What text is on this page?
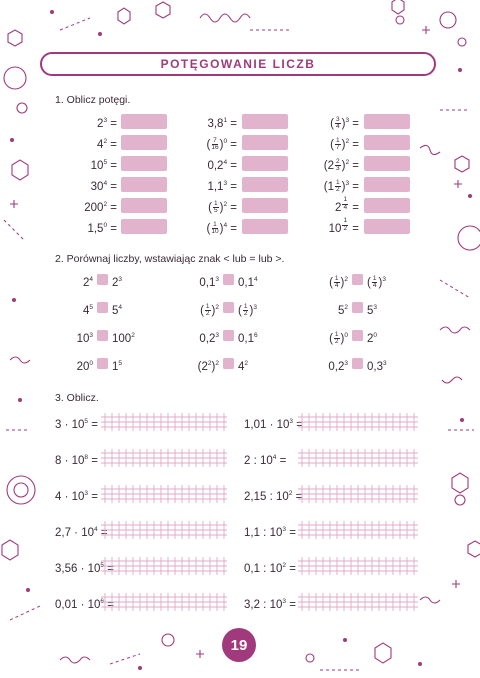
POTĘGOWANIE LICZB
1. Oblicz potęgi.
$2^3$ =
$4^2$ =
$10^5$ =
$30^4$ =
$200^2$ =
$1,5^0$ =
$3,8^1$ =
( $\frac{7}{16} )^0$ =
$0,2^4$ =
$1,1^3$ =
( $\frac{1}{5} )^2$ =
( $\frac{1}{10} )^4$ =
( $\frac{3}{4} )^3$ =
( $\frac{1}{7} )^2$ =
$(2 \frac{2}{3} )^2$ =
$(1 \frac{1}{2} )^3$ =
2 $^{\frac{1}{4}}$ =
10 $^{\frac{1}{2}}$ =
2. Porównaj liczby, wstawiając znak < lub = lub >.
$2^4$ $2^3$
$4^5$ $5^4$
$10^3$ $100^2$
$20^0$ $1^5$
$0,1^3$ $0,1^4$
( $\frac{1}{2} )^2$ ( $\frac{1}{2} )^3$
$0,2^3$ $0,1^6$
$(2^2)^2$ $4^2$
( $\frac{1}{4} )^2$ ( $\frac{1}{4} )^3$
$5^2$ $5^3$
( $\frac{1}{2} )^0$ $2^0$
$0,2^3$ $0,3^3$
3. Oblicz.
$3 \cdot 10^5$ =
$8 \cdot 10^8$ =
$4 \cdot 10^3$ =
$2,7 \cdot 10^4$ =
$3,56 \cdot 10^5$ =
$0,01 \cdot 10^6$ =
$1,01 \cdot 10^3$ =
2 : $10^4$ =
2,15 : $10^2$ =
1,1 : $10^3$ =
0,1 : $10^2$ =
3,2 : $10^3$ =
19
